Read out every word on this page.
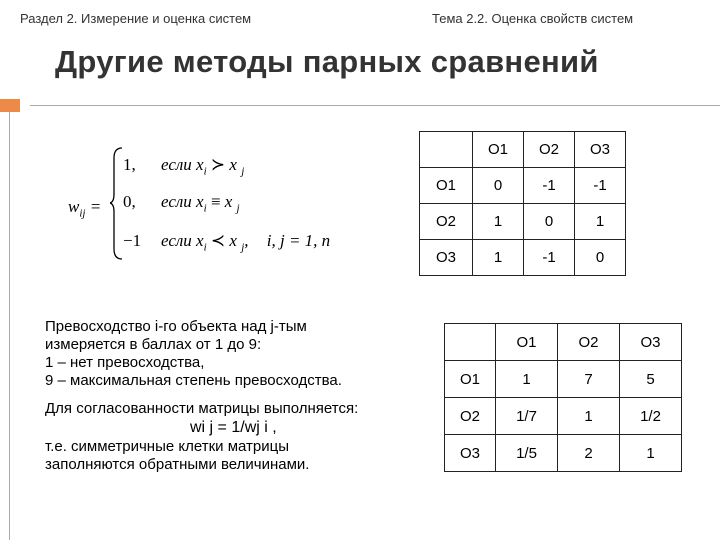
Раздел 2. Измерение и оценка систем	Тема 2.2. Оценка свойств систем
Другие методы парных сравнений
$w_{ij}$ =
1, если $x_i$ ≻ x $_j$
0, если $x_i \equiv x$ $_j$
−1 если $x_i$ ≺ x $_j$, i, j = 1, n
	O1	O2	O3
O1	0	-1	-1
O2	1	0	1
O3	1	-1	0

Превосходство i-го объекта над j-тым

измеряется в баллах от 1 до 9:

1 – нет превосходства,

9 – максимальная степень превосходства.

Для согласованности матрицы выполняется:

wi j = 1/wj i ,

т.е. симметричные клетки матрицы

заполняются обратными величинами.

	O1	O2	O3
O1	1	7	5
O2	1/7	1	1/2
O3	1/5	2	1
